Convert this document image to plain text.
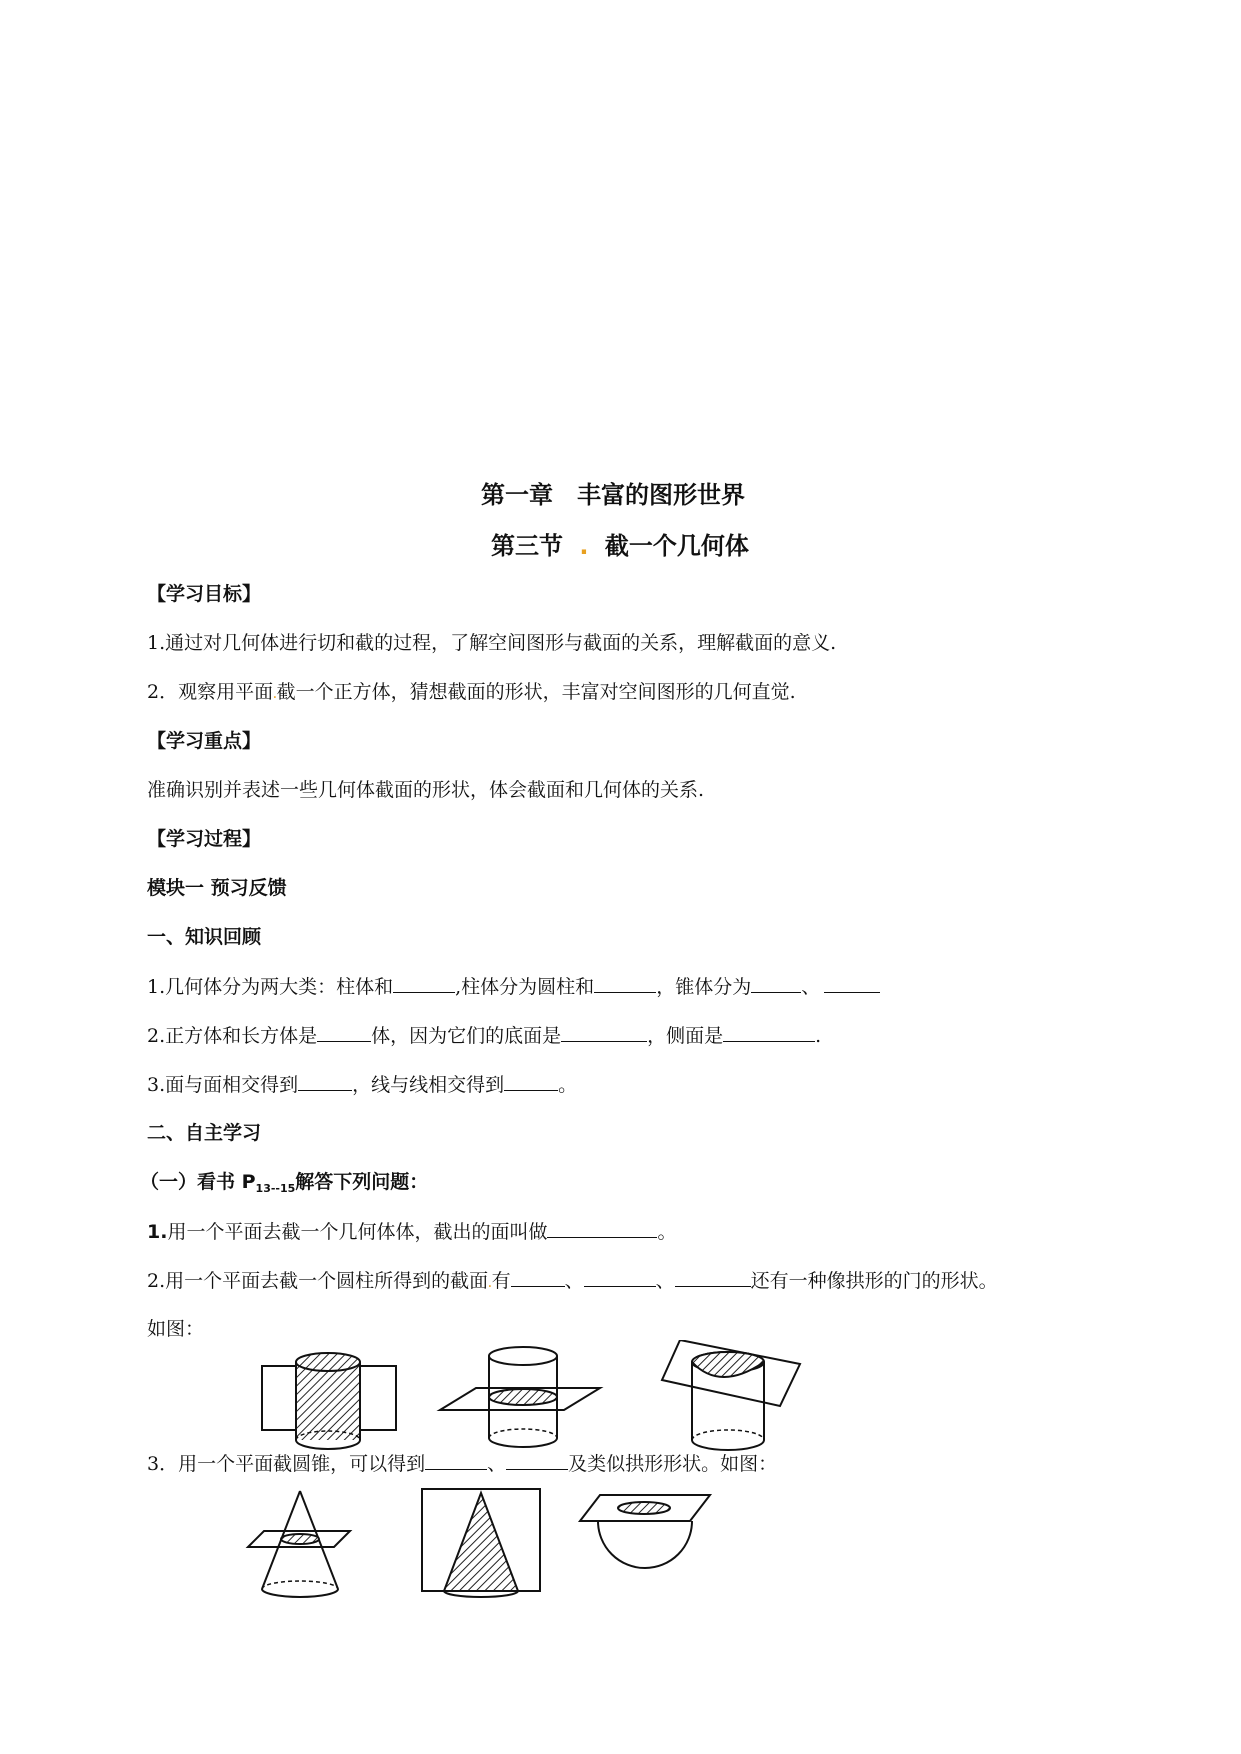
第一章　丰富的图形世界
第三节 . 截一个几何体
【学习目标】
1.通过对几何体进行切和截的过程，了解空间图形与截面的关系，理解截面的意义.
2．观察用平面.截一个正方体，猜想截面的形状，丰富对空间图形的几何直觉.
【学习重点】
准确识别并表述一些几何体截面的形状，体会截面和几何体的关系.
【学习过程】
模块一 预习反馈
一、知识回顾
1.几何体分为两大类：柱体和	,柱体分为圆柱和	，锥体分为	、
2.正方体和长方体是	体，因为它们的底面是	，侧面是	.
3.面与面相交得到	，线与线相交得到	。
二、自主学习
（一）看书 $P_{13--15}$解答下列问题：
1.用一个平面去截一个几何体体，截出的面叫做	。
2.用一个平面去截一个圆柱所得到的截面.有	、	、	还有一种像拱形的门的形状。
如图：
3．用一个平面截圆锥，可以得到	、	及类似拱形形状。如图：
